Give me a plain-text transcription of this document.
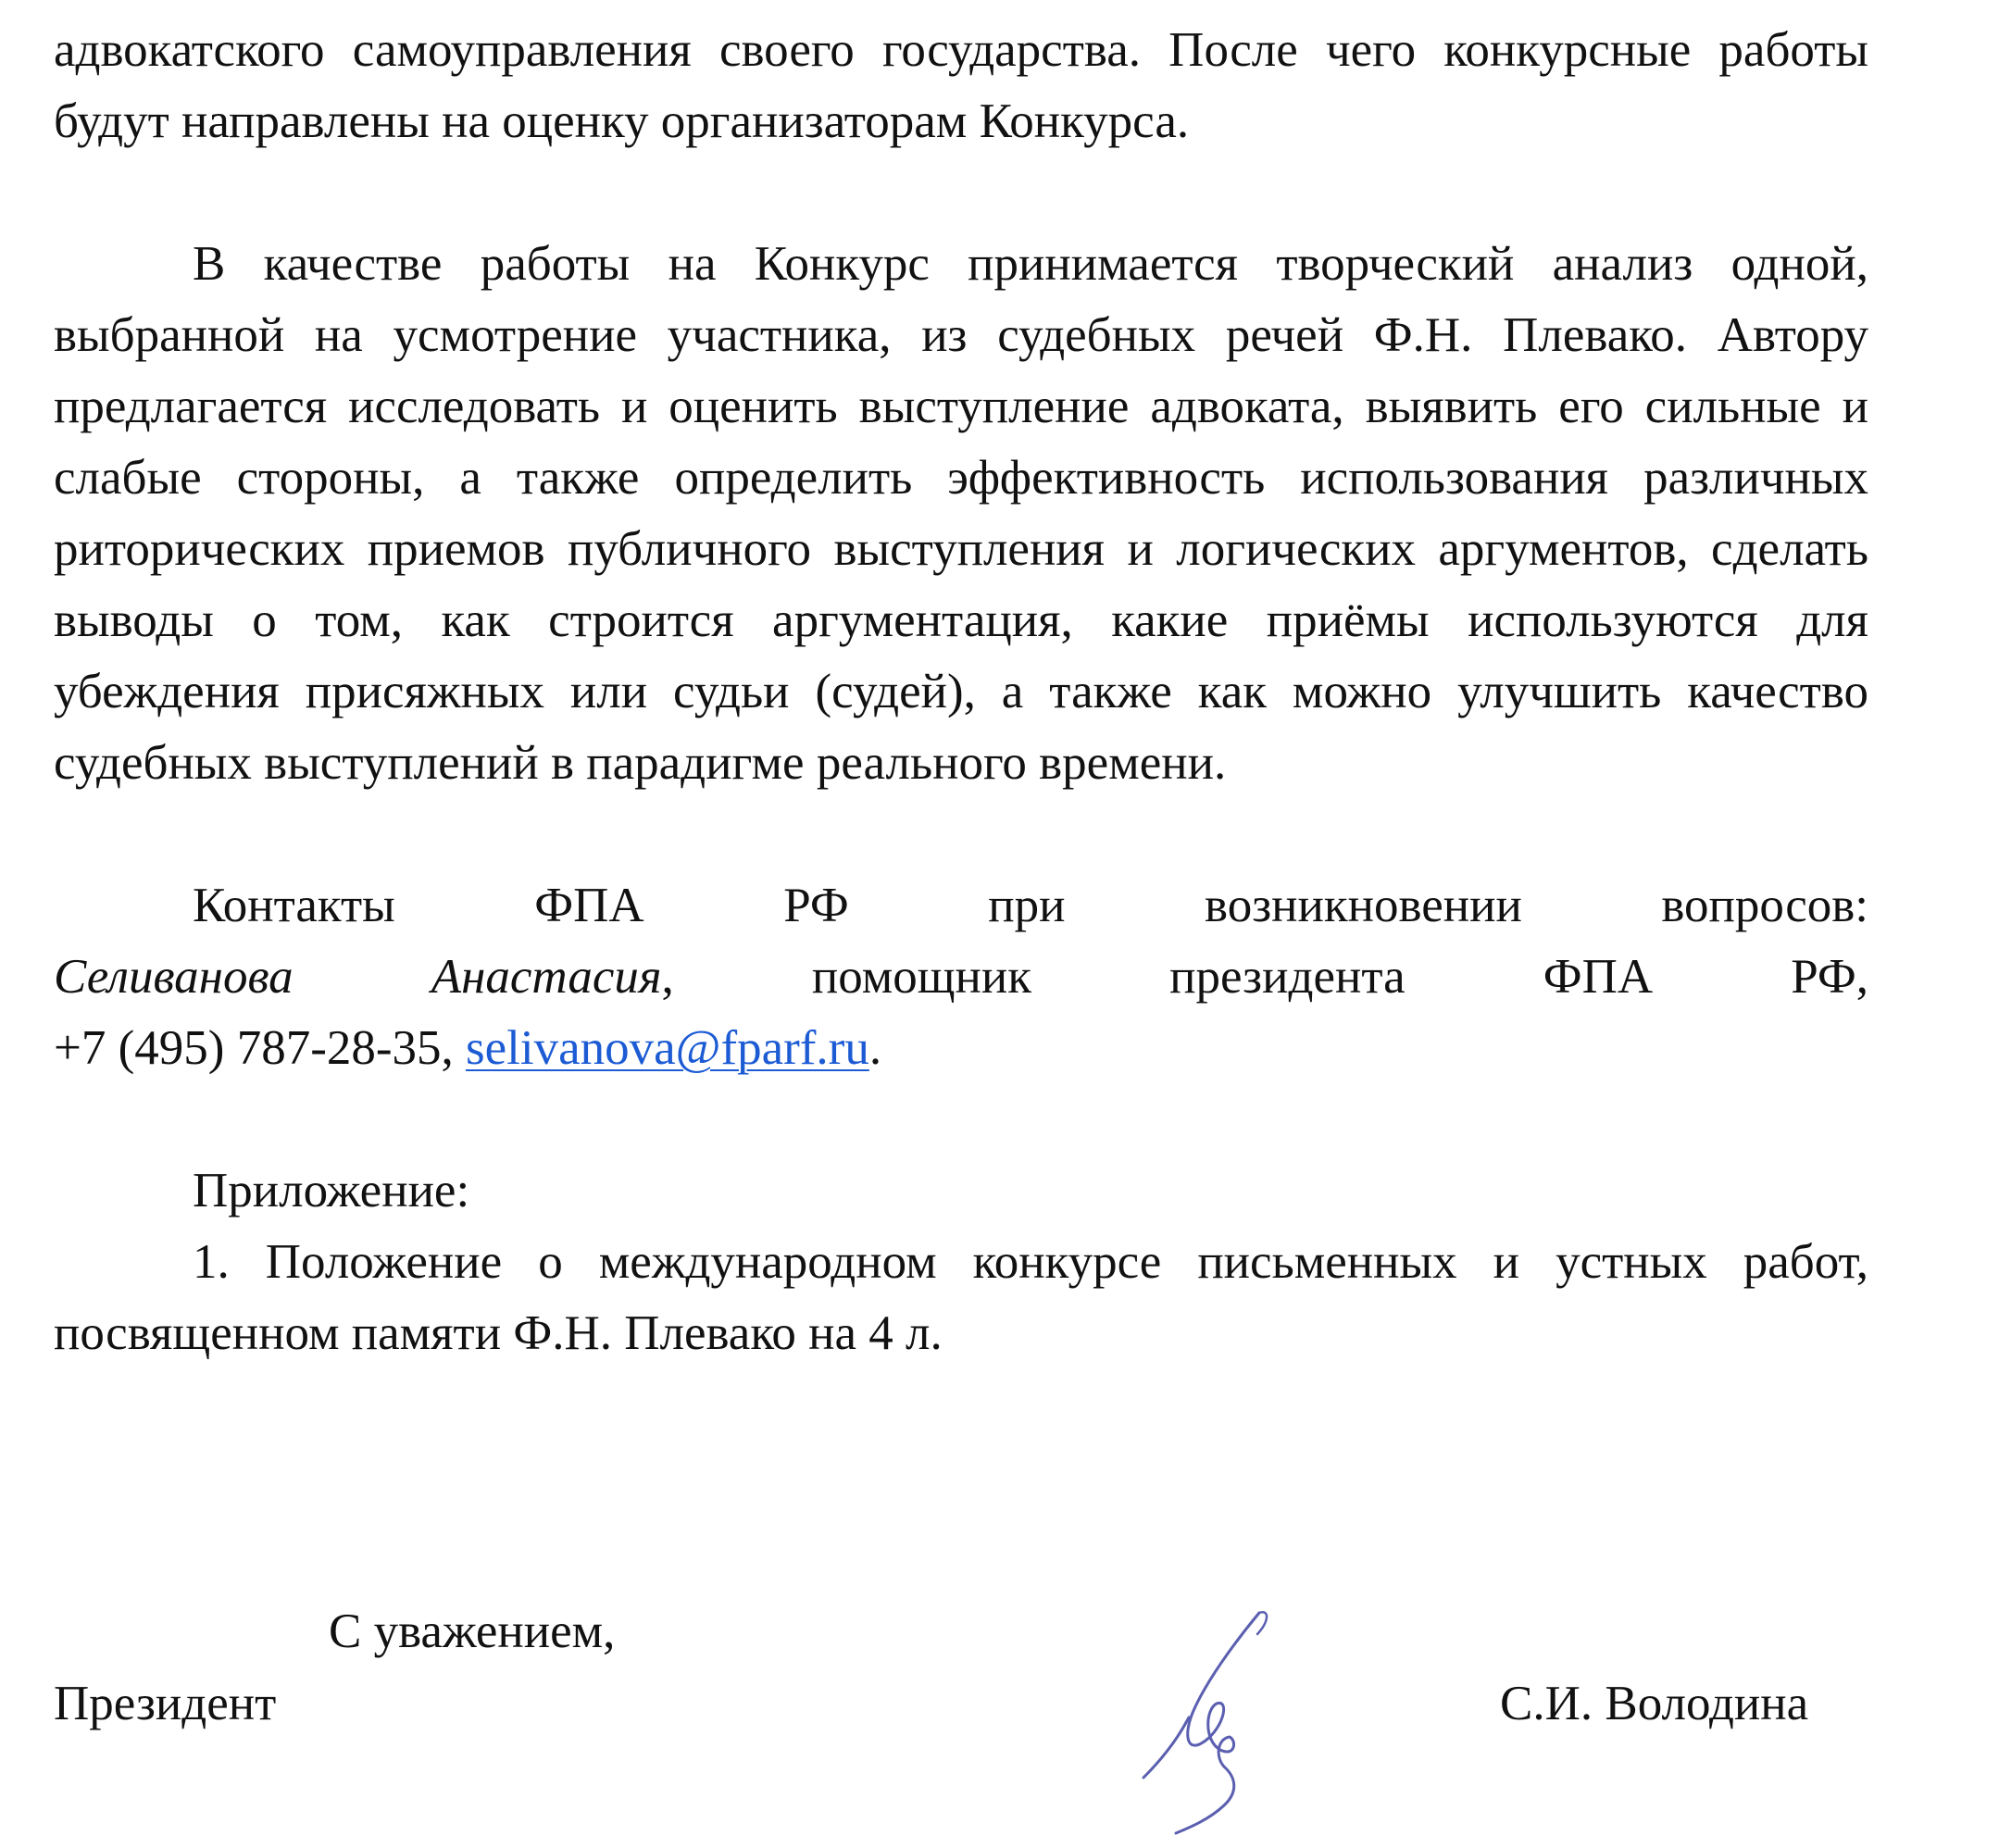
адвокатского самоуправления своего государства. После чего конкурсные работы будут направлены на оценку организаторам Конкурса.

В качестве работы на Конкурс принимается творческий анализ одной, выбранной на усмотрение участника, из судебных речей Ф.Н. Плевако. Автору предлагается исследовать и оценить выступление адвоката, выявить его сильные и слабые стороны, а также определить эффективность использования различных риторических приемов публичного выступления и логических аргументов, сделать выводы о том, как строится аргументация, какие приёмы используются для убеждения присяжных или судьи (судей), а также как можно улучшить качество судебных выступлений в парадигме реального времени.

Контакты ФПА РФ при возникновении вопросов:

Селиванова Анастасия, помощник президента ФПА РФ,

+7 (495) 787-28-35, selivanova@fparf.ru.

Приложение:

1. Положение о международном конкурсе письменных и устных работ, посвященном памяти Ф.Н. Плевако на 4 л.

С уважением,

Президент	С.И. Володина
